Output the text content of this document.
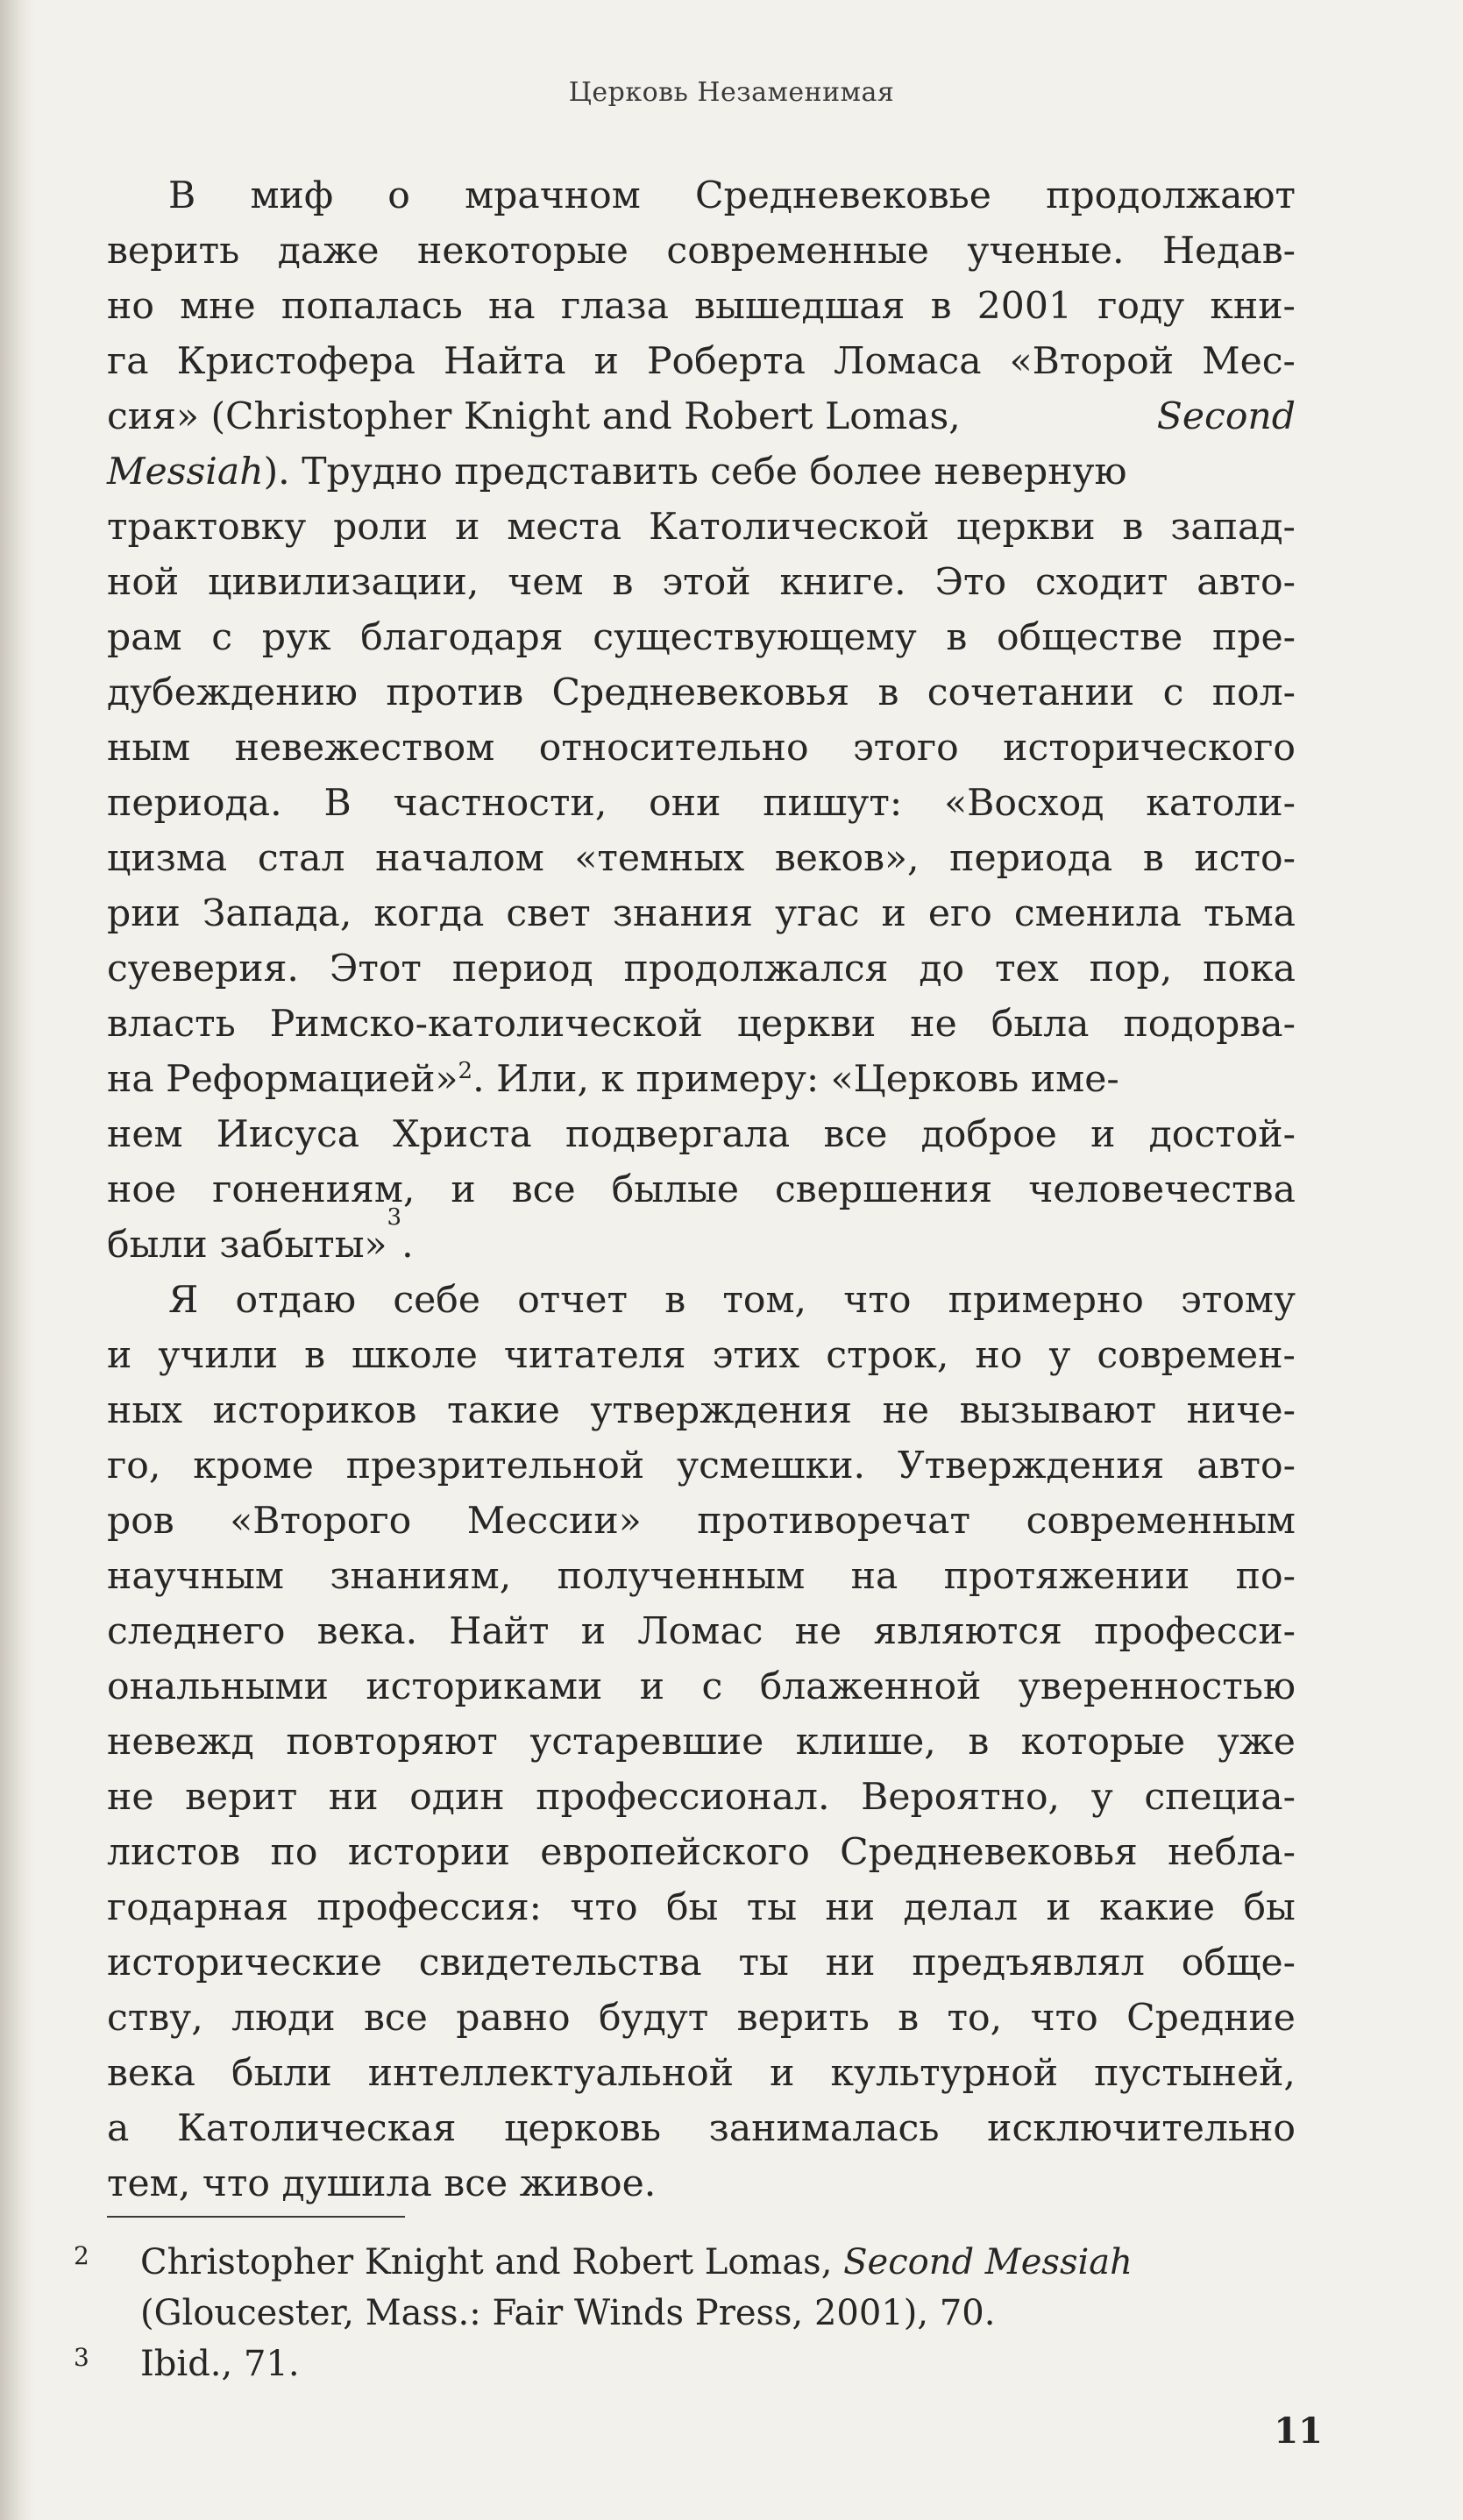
Церковь Незаменимая
В миф о мрачном Средневековье продолжают
верить даже некоторые современные ученые. Недав-
но мне попалась на глаза вышедшая в 2001 году кни-
га Кристофера Найта и Роберта Ломаса «Второй Мес-
сия» (Christopher Knight and Robert Lomas,	Second
Messiah). Трудно представить себе более неверную
трактовку роли и места Католической церкви в запад-
ной цивилизации, чем в этой книге. Это сходит авто-
рам с рук благодаря существующему в обществе пре-
дубеждению против Средневековья в сочетании с пол-
ным невежеством относительно этого исторического
периода. В частности, они пишут: «Восход католи-
цизма стал началом «темных веков», периода в исто-
рии Запада, когда свет знания угас и его сменила тьма
суеверия. Этот период продолжался до тех пор, пока
власть Римско-католической церкви не была подорва-
на Реформацией»$^2$. Или, к примеру: «Церковь име-
нем Иисуса Христа подвергала все доброе и достой-
ное гонениям, и все былые свершения человечества
были забыты»
3
.
Я отдаю себе отчет в том, что примерно этому
и учили в школе читателя этих строк, но у современ-
ных историков такие утверждения не вызывают ниче-
го, кроме презрительной усмешки. Утверждения авто-
ров «Второго Мессии» противоречат современным
научным знаниям, полученным на протяжении по-
следнего века. Найт и Ломас не являются професси-
ональными историками и с блаженной уверенностью
невежд повторяют устаревшие клише, в которые уже
не верит ни один профессионал. Вероятно, у специа-
листов по истории европейского Средневековья небла-
годарная профессия: что бы ты ни делал и какие бы
исторические свидетельства ты ни предъявлял обще-
ству, люди все равно будут верить в то, что Средние
века были интеллектуальной и культурной пустыней,
а Католическая церковь занималась исключительно
тем, что душила все живое.
2	Christopher Knight and Robert Lomas, Second Messiah
(Gloucester, Mass.: Fair Winds Press, 2001), 70.
3	Ibid., 71.
11
